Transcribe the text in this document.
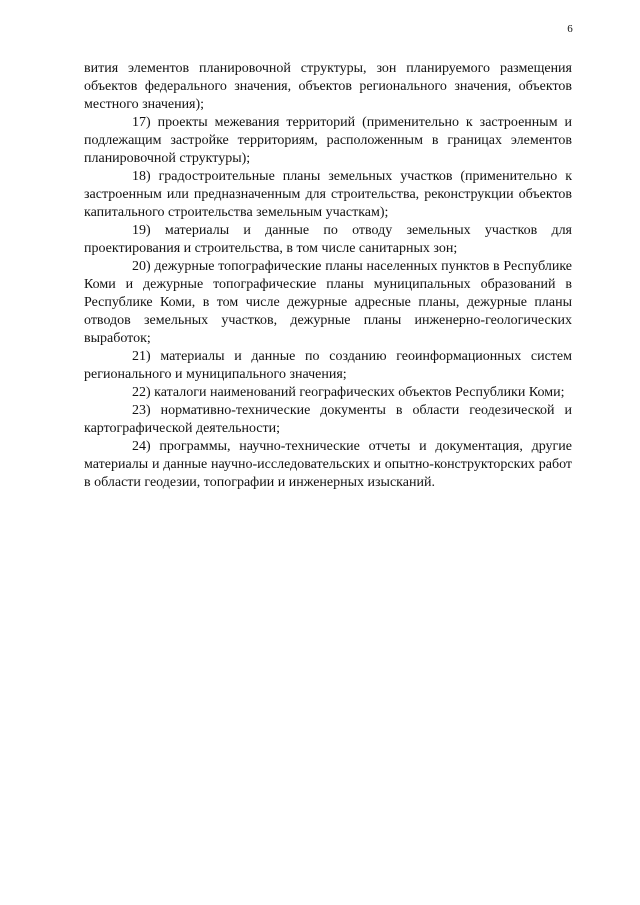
6

вития элементов планировочной структуры, зон планируемого размещения объектов федерального значения, объектов регионального значения, объектов местного значения);

17) проекты межевания территорий (применительно к застроенным и подлежащим застройке территориям, расположенным в границах элементов планировочной структуры);

18) градостроительные планы земельных участков (применительно к застроенным или предназначенным для строительства, реконструкции объектов капитального строительства земельным участкам);

19) материалы и данные по отводу земельных участков для проектирования и строительства, в том числе санитарных зон;

20) дежурные топографические планы населенных пунктов в Республике Коми и дежурные топографические планы муниципальных образований в Республике Коми, в том числе дежурные адресные планы, дежурные планы отводов земельных участков, дежурные планы инженерно-геологических выработок;

21) материалы и данные по созданию геоинформационных систем регионального и муниципального значения;

22) каталоги наименований географических объектов Республики Коми;

23) нормативно-технические документы в области геодезической и картографической деятельности;

24) программы, научно-технические отчеты и документация, другие материалы и данные научно-исследовательских и опытно-конструкторских работ в области геодезии, топографии и инженерных изысканий.
